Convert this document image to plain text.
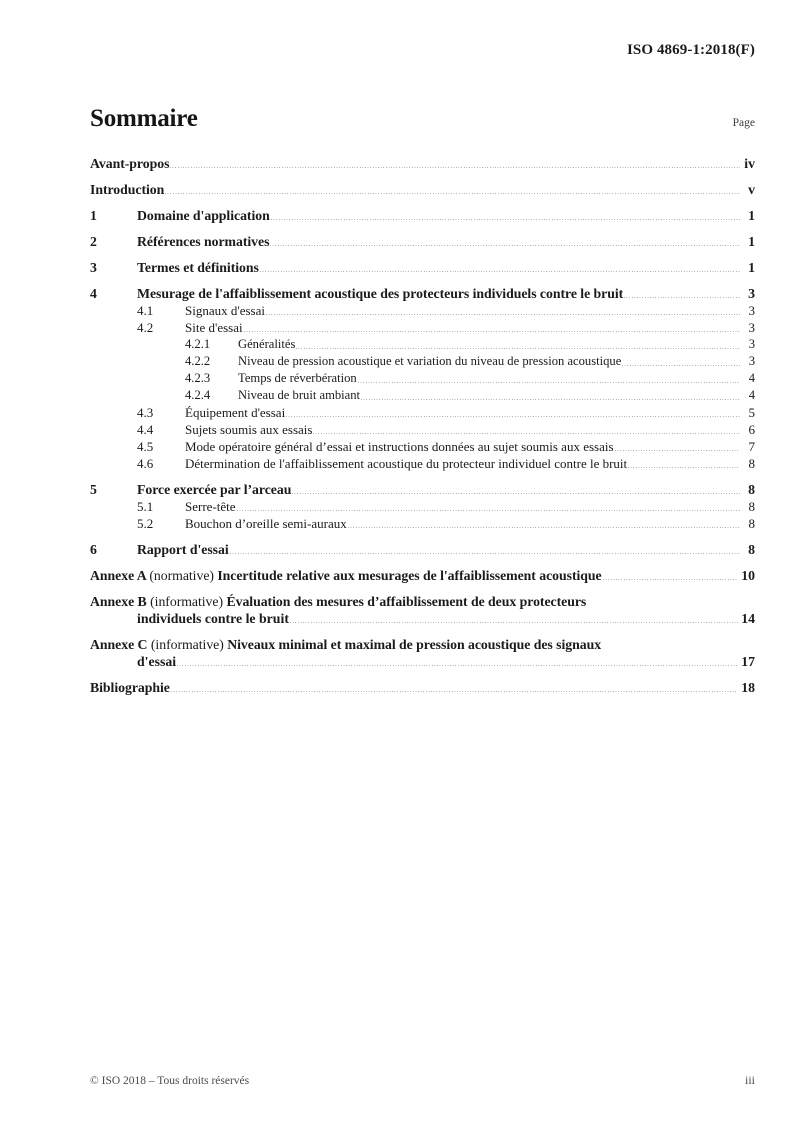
ISO 4869-1:2018(F)
Sommaire	Page
Avant-propos	iv
Introduction	v
1	Domaine d'application	1
2	Références normatives	1
3	Termes et définitions	1
4	Mesurage de l'affaiblissement acoustique des protecteurs individuels contre le bruit	3
4.1	Signaux d'essai	3
4.2	Site d'essai	3
4.2.1	Généralités	3
4.2.2	Niveau de pression acoustique et variation du niveau de pression acoustique	3
4.2.3	Temps de réverbération	4
4.2.4	Niveau de bruit ambiant	4
4.3	Équipement d'essai	5
4.4	Sujets soumis aux essais	6
4.5	Mode opératoire général d’essai et instructions données au sujet soumis aux essais	7
4.6	Détermination de l'affaiblissement acoustique du protecteur individuel contre le bruit	8
5	Force exercée par l’arceau	8
5.1	Serre-tête	8
5.2	Bouchon d’oreille semi-auraux	8
6	Rapport d'essai	8
Annexe A (normative) Incertitude relative aux mesurages de l'affaiblissement acoustique	10
Annexe B (informative) Évaluation des mesures d’affaiblissement de deux protecteurs
individuels contre le bruit	14
Annexe C (informative) Niveaux minimal et maximal de pression acoustique des signaux
d'essai	17
Bibliographie	18
© ISO 2018 – Tous droits réservés	iii
